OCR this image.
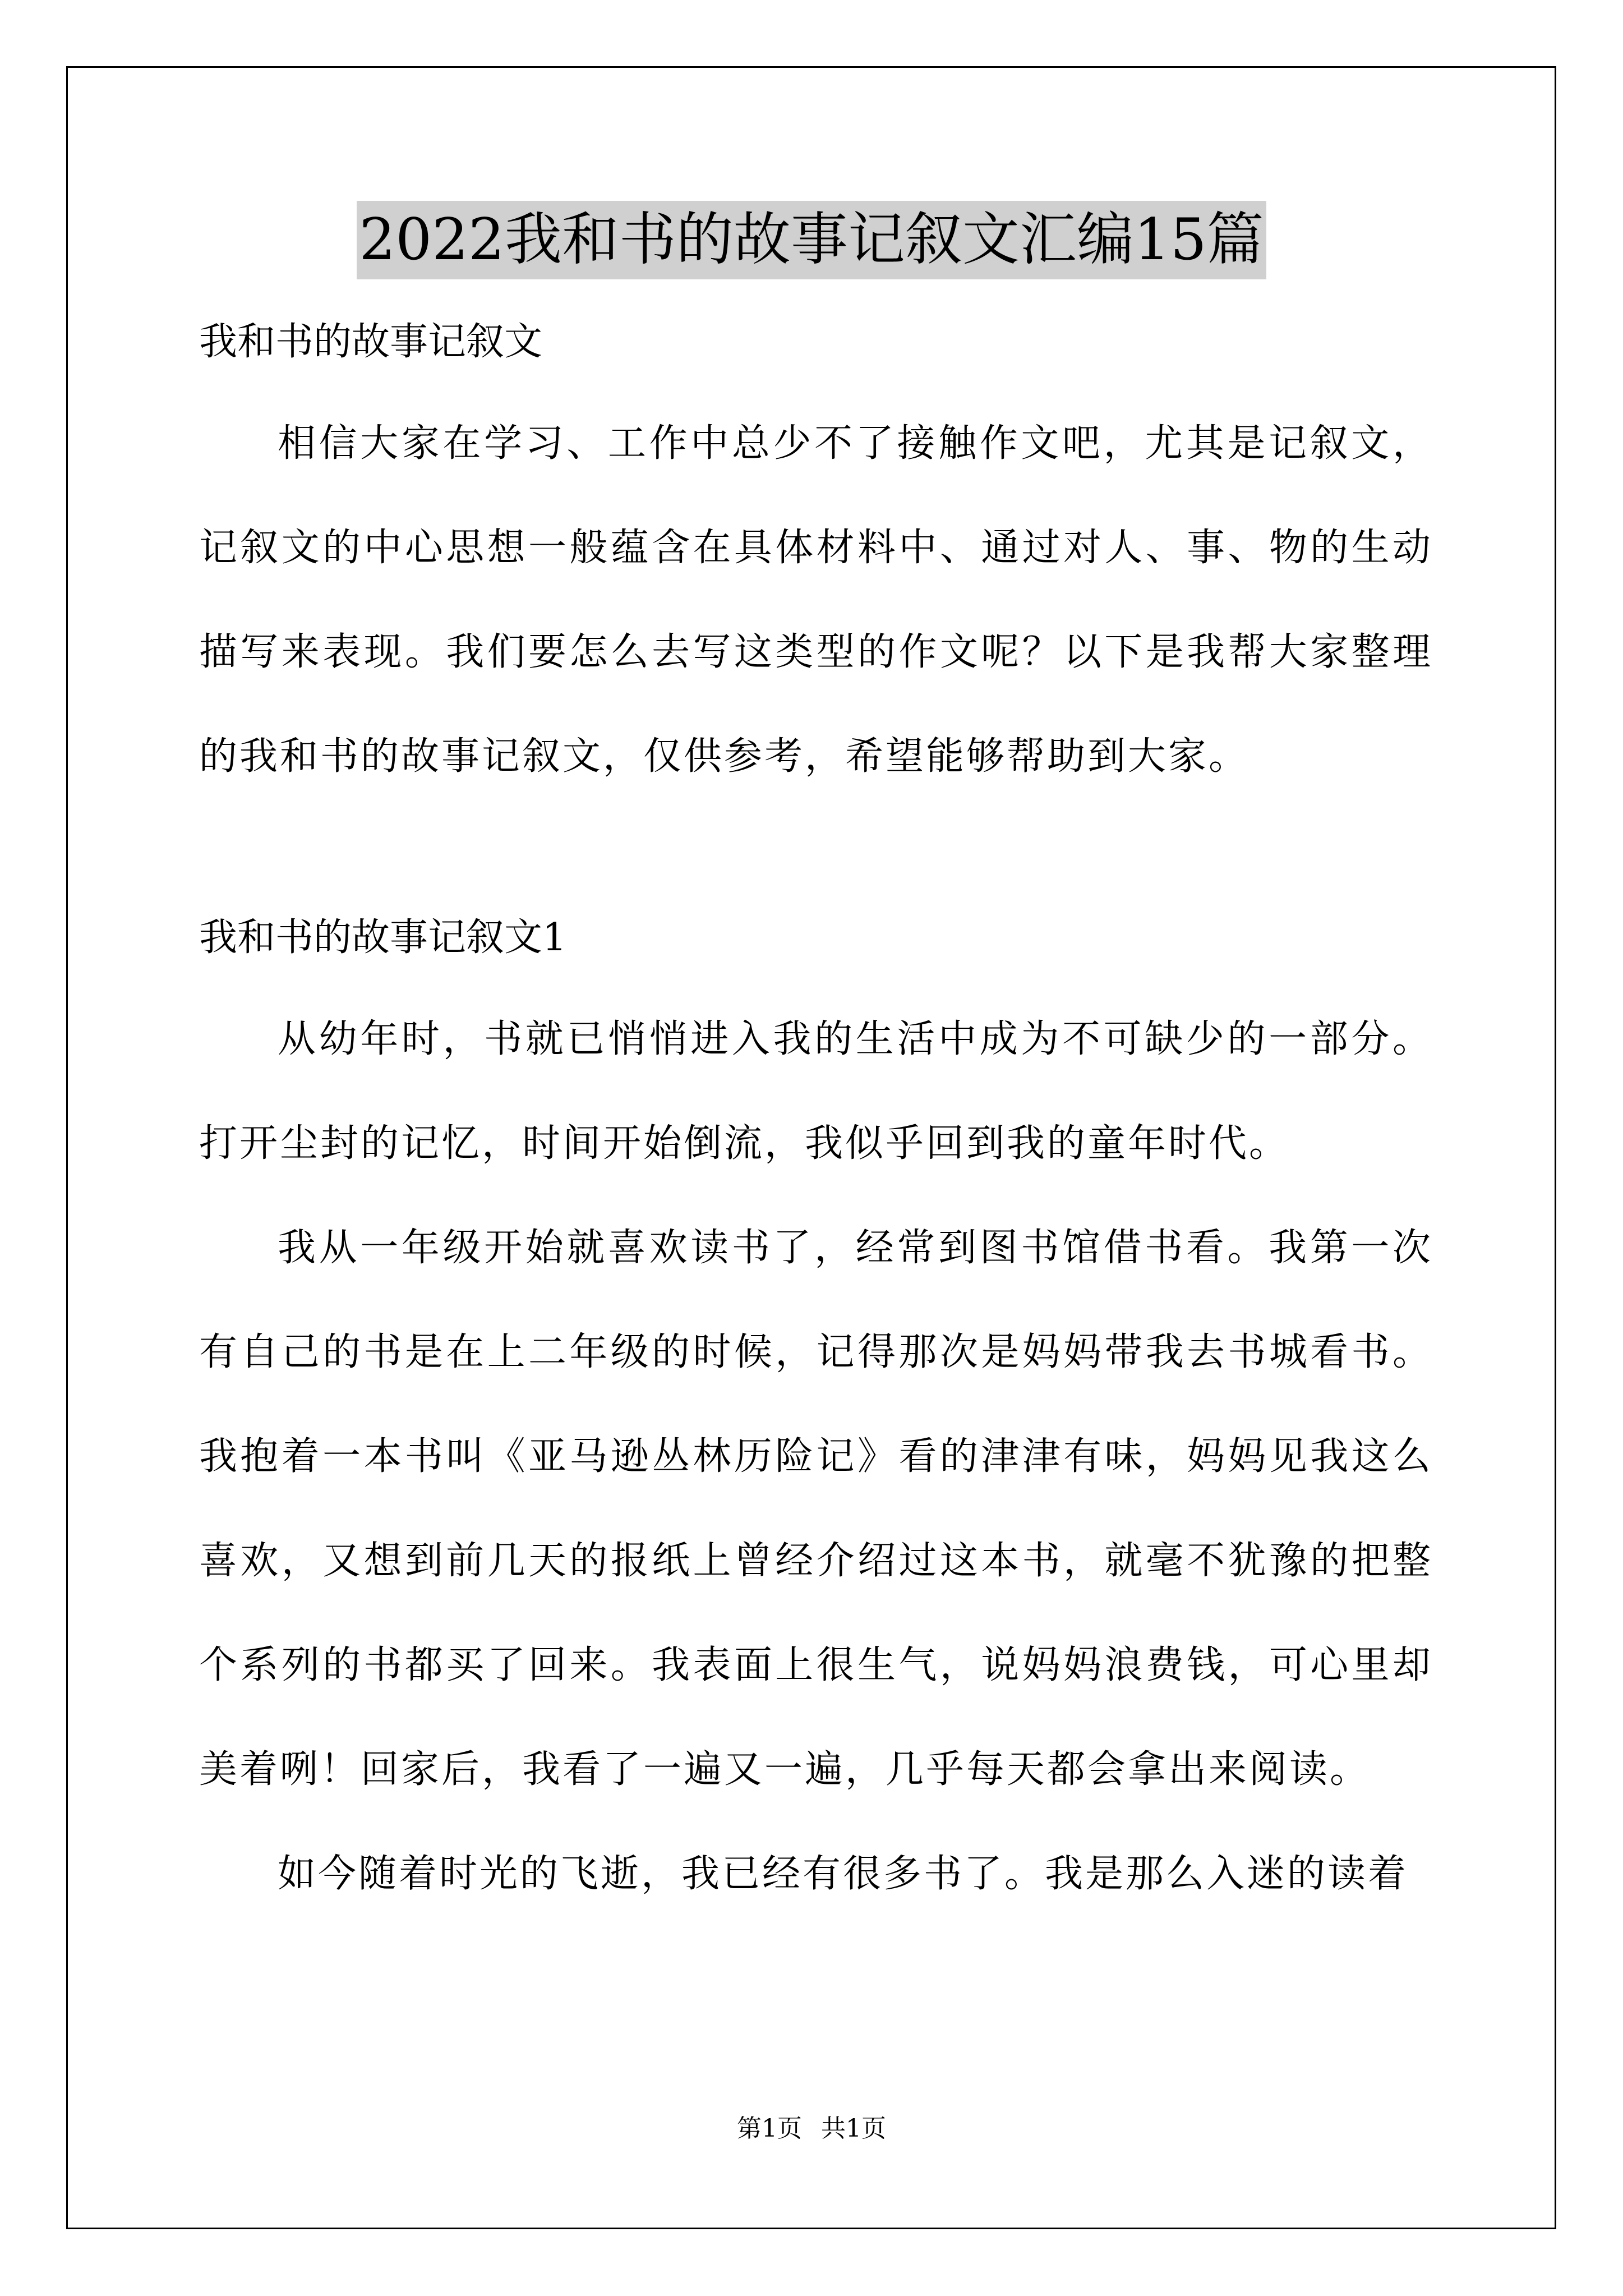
2022我和书的故事记叙文汇编15篇

我和书的故事记叙文

相信大家在学习、工作中总少不了接触作文吧，尤其是记叙文，记叙文的中心思想一般蕴含在具体材料中、通过对人、事、物的生动描写来表现。我们要怎么去写这类型的作文呢？以下是我帮大家整理的我和书的故事记叙文，仅供参考，希望能够帮助到大家。

我和书的故事记叙文1

从幼年时，书就已悄悄进入我的生活中成为不可缺少的一部分。打开尘封的记忆，时间开始倒流，我似乎回到我的童年时代。

我从一年级开始就喜欢读书了，经常到图书馆借书看。我第一次有自己的书是在上二年级的时候，记得那次是妈妈带我去书城看书。我抱着一本书叫《亚马逊丛林历险记》看的津津有味，妈妈见我这么喜欢，又想到前几天的报纸上曾经介绍过这本书，就毫不犹豫的把整个系列的书都买了回来。我表面上很生气，说妈妈浪费钱，可心里却美着咧！回家后，我看了一遍又一遍，几乎每天都会拿出来阅读。

如今随着时光的飞逝，我已经有很多书了。我是那么入迷的读着

第1页 共1页
